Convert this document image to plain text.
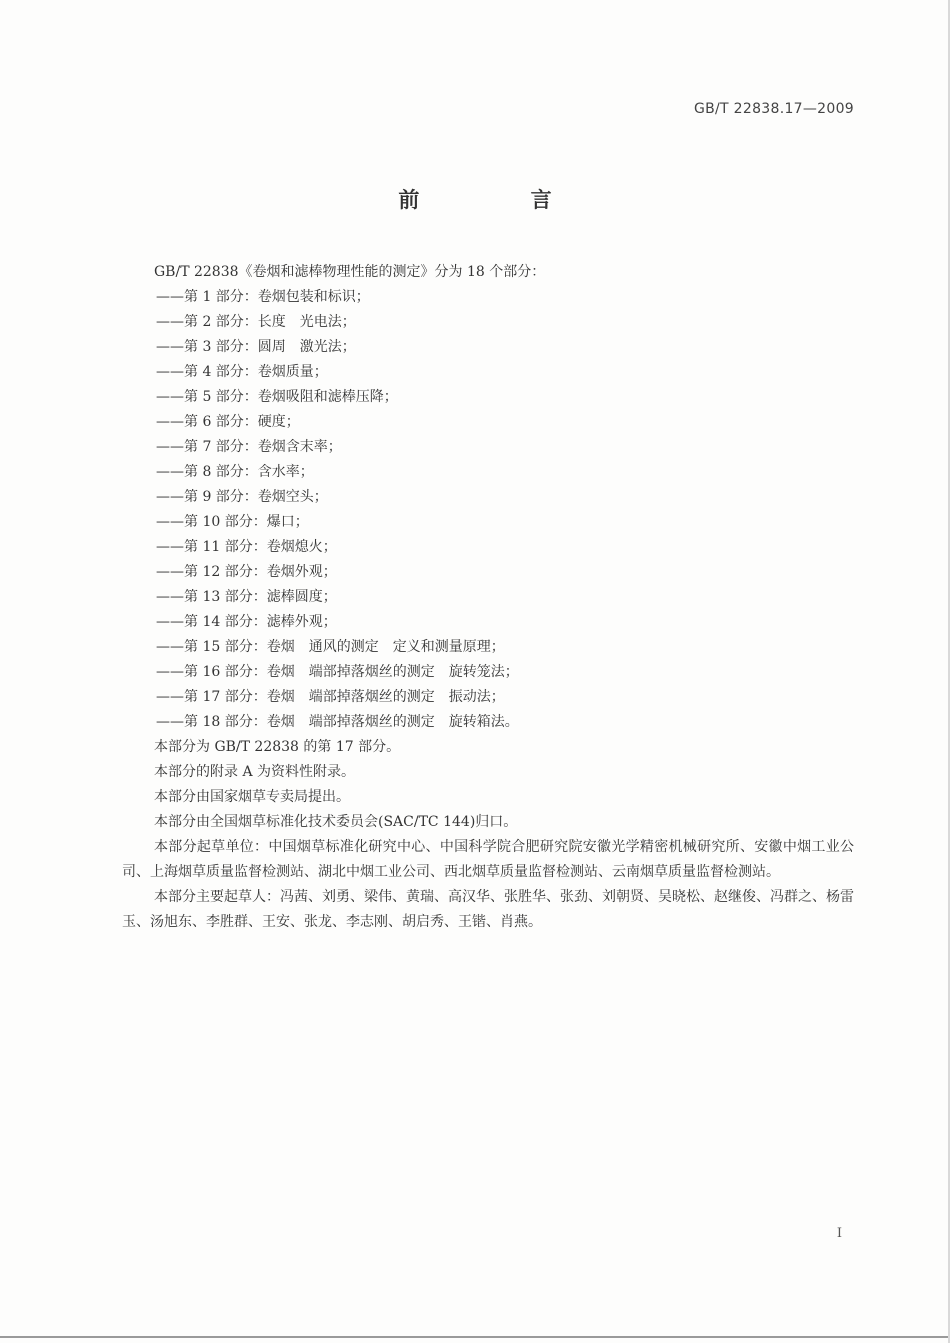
GB/T 22838.17—2009
前 言
GB/T 22838《卷烟和滤棒物理性能的测定》分为 18 个部分：
——第 1 部分：卷烟包装和标识；
——第 2 部分：长度　光电法；
——第 3 部分：圆周　激光法；
——第 4 部分：卷烟质量；
——第 5 部分：卷烟吸阻和滤棒压降；
——第 6 部分：硬度；
——第 7 部分：卷烟含末率；
——第 8 部分：含水率；
——第 9 部分：卷烟空头；
——第 10 部分：爆口；
——第 11 部分：卷烟熄火；
——第 12 部分：卷烟外观；
——第 13 部分：滤棒圆度；
——第 14 部分：滤棒外观；
——第 15 部分：卷烟　通风的测定　定义和测量原理；
——第 16 部分：卷烟　端部掉落烟丝的测定　旋转笼法；
——第 17 部分：卷烟　端部掉落烟丝的测定　振动法；
——第 18 部分：卷烟　端部掉落烟丝的测定　旋转箱法。
本部分为 GB/T 22838 的第 17 部分。
本部分的附录 A 为资料性附录。
本部分由国家烟草专卖局提出。
本部分由全国烟草标准化技术委员会(SAC/TC 144)归口。
本部分起草单位：中国烟草标准化研究中心、中国科学院合肥研究院安徽光学精密机械研究所、安徽中烟工业公司、上海烟草质量监督检测站、湖北中烟工业公司、西北烟草质量监督检测站、云南烟草质量监督检测站。
本部分主要起草人：冯茜、刘勇、梁伟、黄瑞、高汉华、张胜华、张劲、刘朝贤、吴晓松、赵继俊、冯群之、杨雷玉、汤旭东、李胜群、王安、张龙、李志刚、胡启秀、王锴、肖燕。
I
